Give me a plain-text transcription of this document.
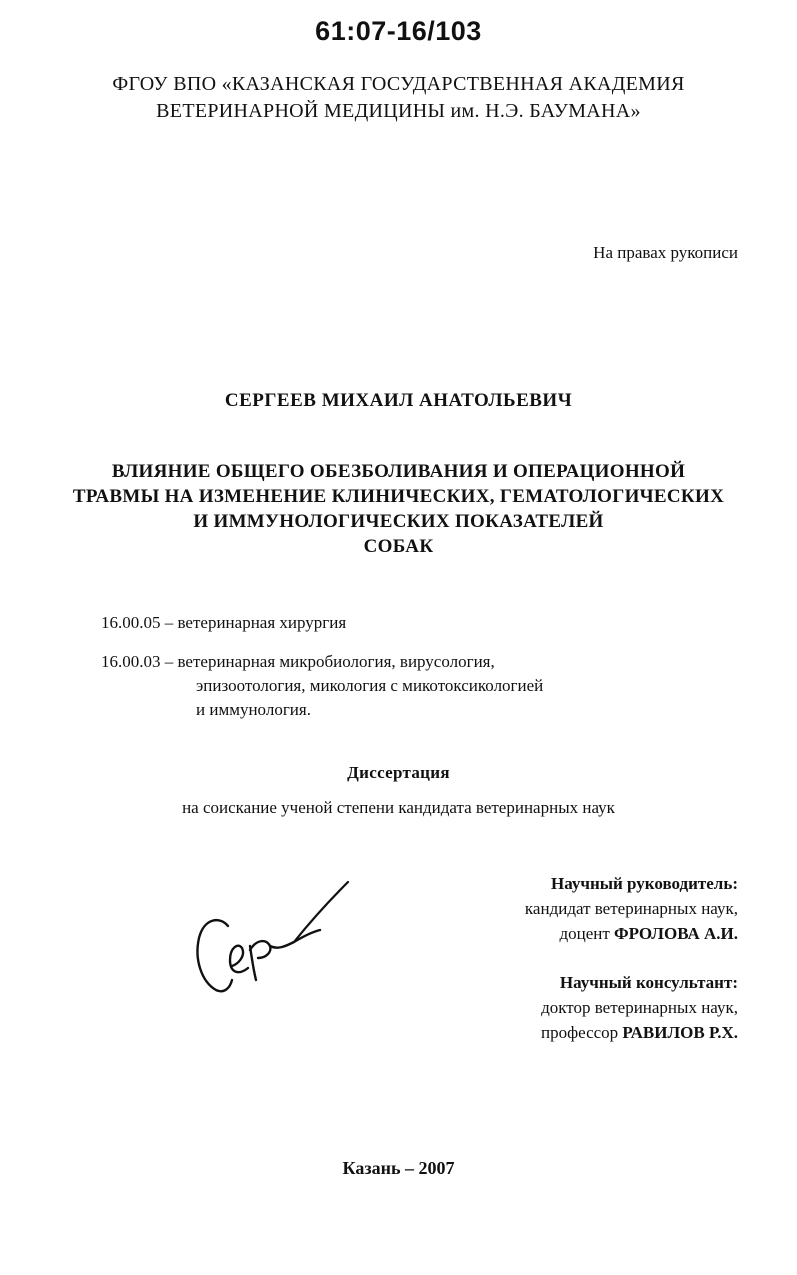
61:07-16/103
ФГОУ ВПО «КАЗАНСКАЯ ГОСУДАРСТВЕННАЯ АКАДЕМИЯ
ВЕТЕРИНАРНОЙ МЕДИЦИНЫ им. Н.Э. БАУМАНА»
На правах рукописи
СЕРГЕЕВ МИХАИЛ АНАТОЛЬЕВИЧ
ВЛИЯНИЕ ОБЩЕГО ОБЕЗБОЛИВАНИЯ И ОПЕРАЦИОННОЙ
ТРАВМЫ НА ИЗМЕНЕНИЕ КЛИНИЧЕСКИХ, ГЕМАТОЛОГИЧЕСКИХ
И ИММУНОЛОГИЧЕСКИХ ПОКАЗАТЕЛЕЙ
СОБАК
16.00.05 – ветеринарная хирургия
16.00.03 – ветеринарная микробиология, вирусология,
эпизоотология, микология с микотоксикологией
и иммунология.
Диссертация
на соискание ученой степени кандидата ветеринарных наук
Научный руководитель:
кандидат ветеринарных наук,
доцент ФРОЛОВА А.И.
Научный консультант:
доктор ветеринарных наук,
профессор РАВИЛОВ Р.Х.
Казань – 2007
